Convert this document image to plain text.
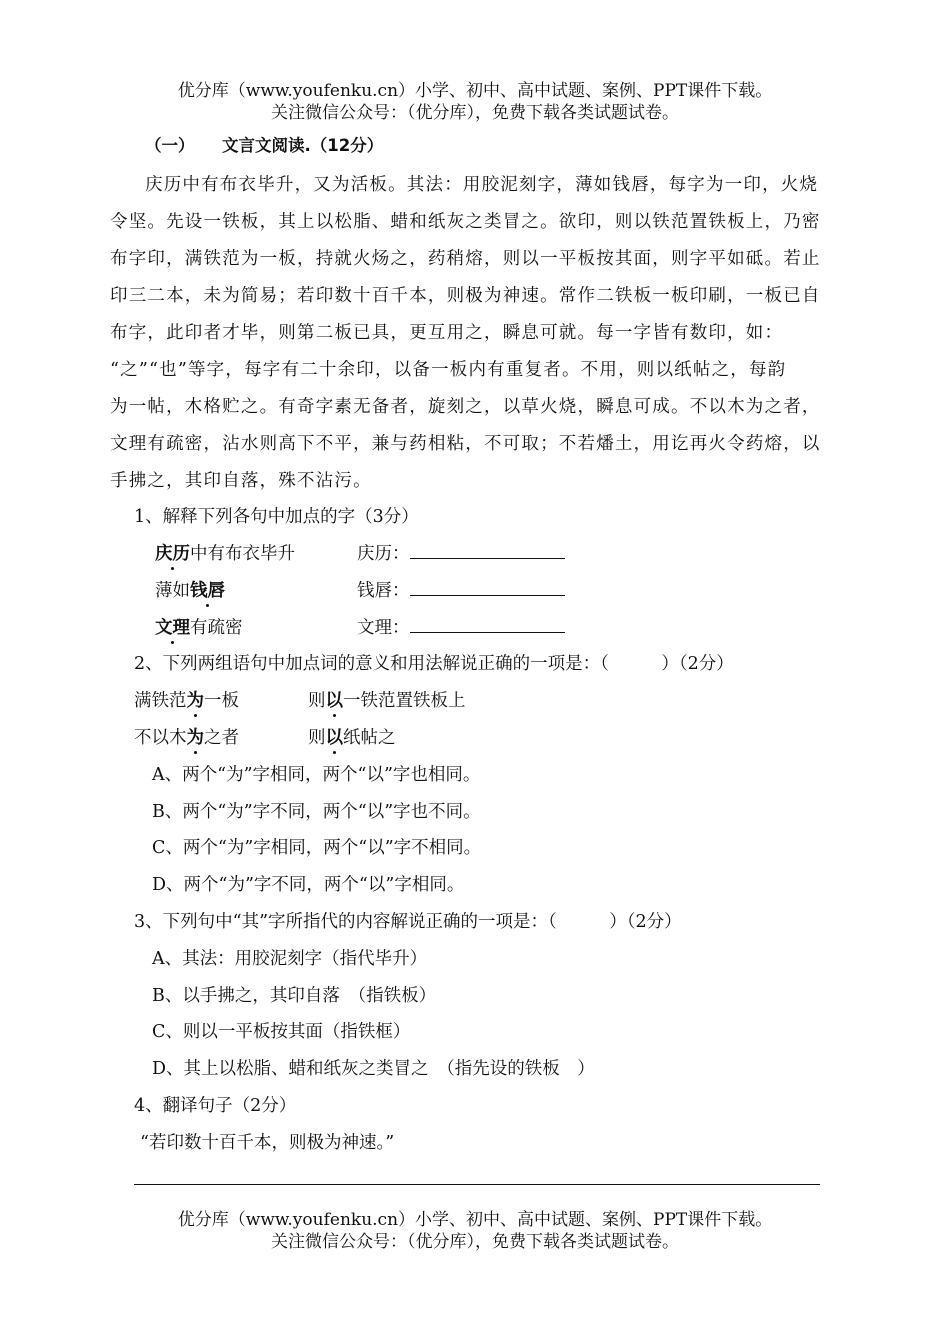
优分库（www.youfenku.cn）小学、初中、高中试题、案例、PPT课件下载。
关注微信公众号：（优分库），免费下载各类试题试卷。
（一） 文言文阅读.（12分）
庆历中有布衣毕升，又为活板。其法：用胶泥刻字，薄如钱唇，每字为一印，火烧
令坚。先设一铁板，其上以松脂、蜡和纸灰之类冒之。欲印，则以铁范置铁板上，乃密
布字印，满铁范为一板，持就火炀之，药稍熔，则以一平板按其面，则字平如砥。若止
印三二本，未为简易；若印数十百千本，则极为神速。常作二铁板一板印刷，一板已自
布字，此印者才毕，则第二板已具，更互用之，瞬息可就。每一字皆有数印，如：
“之”“也”等字，每字有二十余印，以备一板内有重复者。不用，则以纸帖之，每韵
为一帖，木格贮之。有奇字素无备者，旋刻之，以草火烧，瞬息可成。不以木为之者，
文理有疏密，沾水则高下不平，兼与药相粘，不可取；不若燔土，用讫再火令药熔，以
手拂之，其印自落，殊不沾污。
1、解释下列各句中加点的字（3分）
庆历中有布衣毕升	庆历：
薄如钱唇	钱唇：
文理有疏密	文理：
2、下列两组语句中加点词的意义和用法解说正确的一项是：（　　　）（2分）
满铁范为一板	则以一铁范置铁板上
不以木为之者	则以纸帖之
A、两个“为”字相同，两个“以”字也相同。
B、两个“为”字不同，两个“以”字也不同。
C、两个“为”字相同，两个“以”字不相同。
D、两个“为”字不同，两个“以”字相同。
3、下列句中“其”字所指代的内容解说正确的一项是：（　　　）（2分）
A、其法：用胶泥刻字（指代毕升）
B、以手拂之，其印自落　（指铁板）
C、则以一平板按其面（指铁框）
D、其上以松脂、蜡和纸灰之类冒之　（指先设的铁板　）
4、翻译句子（2分）
“若印数十百千本，则极为神速。”
优分库（www.youfenku.cn）小学、初中、高中试题、案例、PPT课件下载。
关注微信公众号：（优分库），免费下载各类试题试卷。
